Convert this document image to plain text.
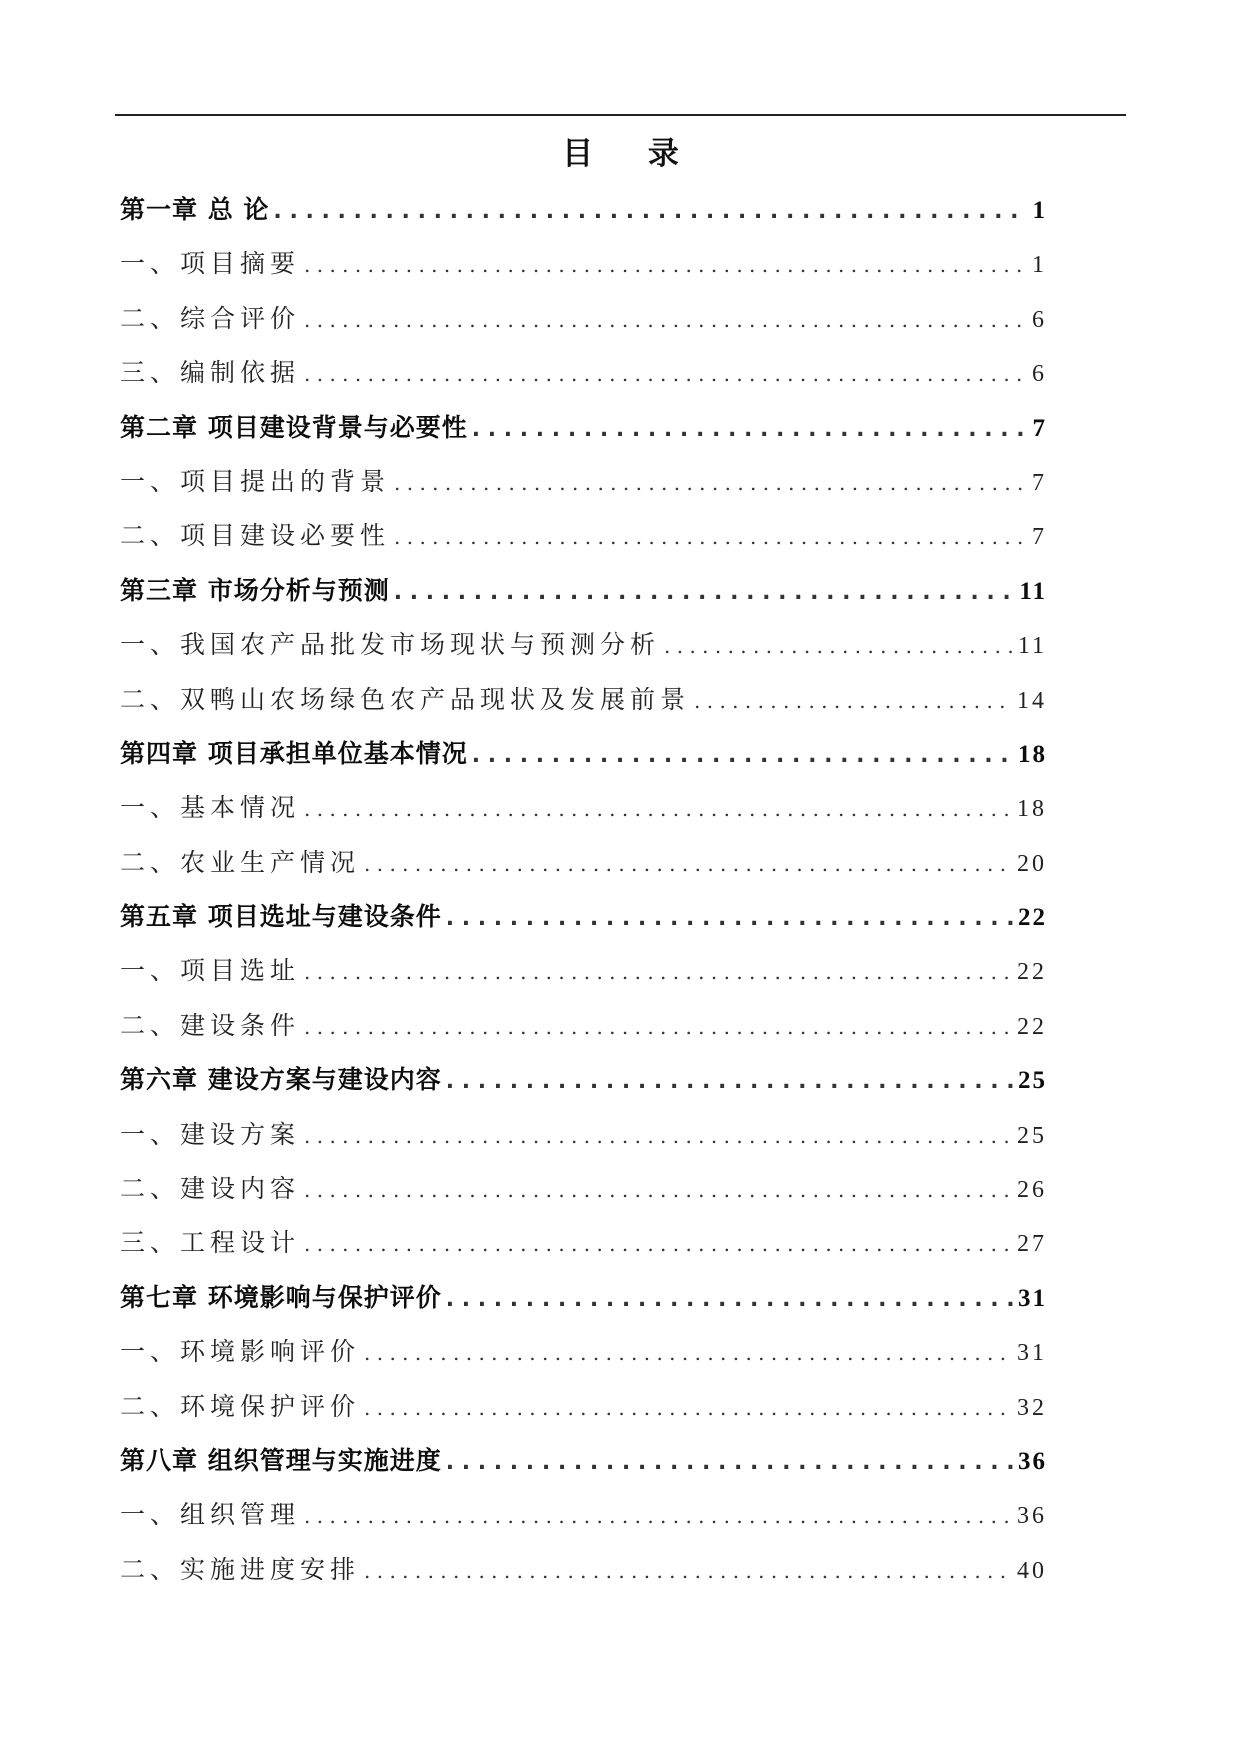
目 录
第一章 总 论 . . .	1
一、项目摘要 . . .	1
二、综合评价 . . .	6
三、编制依据 . . .	6
第二章 项目建设背景与必要性 . . .	7
一、项目提出的背景 . . .	7
二、项目建设必要性 . . .	7
第三章 市场分析与预测 . . .	11
一、我国农产品批发市场现状与预测分析 . . .	11
二、双鸭山农场绿色农产品现状及发展前景 . . .	14
第四章 项目承担单位基本情况 . . .	18
一、基本情况 . . .	18
二、农业生产情况 . . .	20
第五章 项目选址与建设条件 . . .	22
一、项目选址 . . .	22
二、建设条件 . . .	22
第六章 建设方案与建设内容 . . .	25
一、建设方案 . . .	25
二、建设内容 . . .	26
三、工程设计 . . .	27
第七章 环境影响与保护评价 . . .	31
一、环境影响评价 . . .	31
二、环境保护评价 . . .	32
第八章 组织管理与实施进度 . . .	36
一、组织管理 . . .	36
二、实施进度安排 . . .	40
